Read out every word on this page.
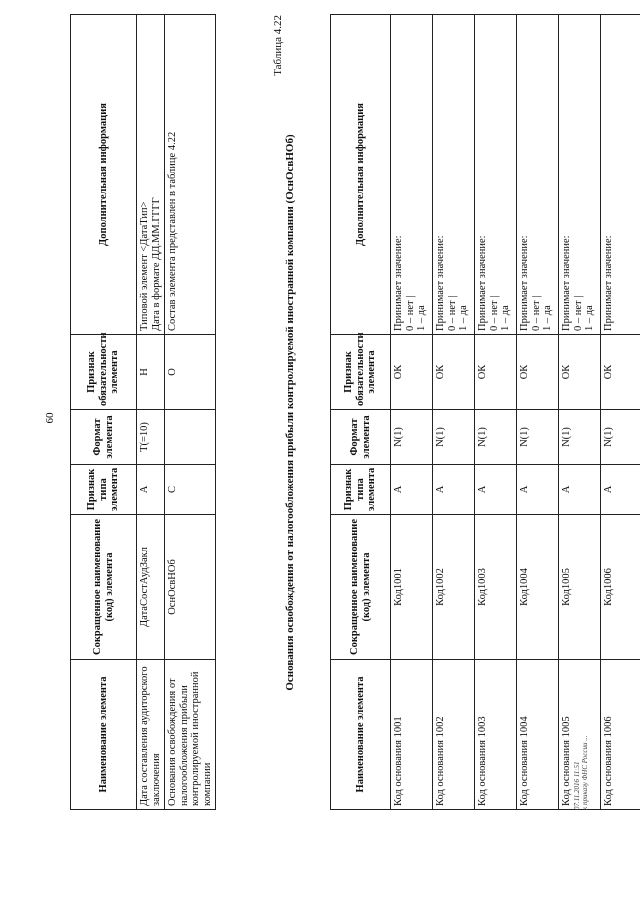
60
Наименование элемента	Сокращенное наименование (код) элемента	Признак типа элемента	Формат элемента	Признак обязательности элемента	Дополнительная информация
Дата составления аудиторского заключения	ДатаСостАудЗакл	А	T(=10)	Н	Типовой элемент <ДатаТип> Дата в формате ДД.ММ.ГГГГ

Основания освобождения от налогообложения прибыли контролируемой иностранной компании	ОснОсвНОб	С		О	Состав элемента представлен в таблице 4.22
Таблица 4.22
Основания освобождения от налогообложения прибыли контролируемой иностранной компании (ОснОсвНОб)
Наименование элемента	Сокращенное наименование (код) элемента	Признак типа элемента	Формат элемента	Признак обязательности элемента	Дополнительная информация
Код основания 1001	Код1001	А	N(1)	ОК	Принимает значение: 0 – нет | 1 – да

Код основания 1002	Код1002	А	N(1)	ОК	Принимает значение: 0 – нет | 1 – да

Код основания 1003	Код1003	А	N(1)	ОК	Принимает значение: 0 – нет | 1 – да

Код основания 1004	Код1004	А	N(1)	ОК	Принимает значение: 0 – нет | 1 – да

Код основания 1005	Код1005	А	N(1)	ОК	Принимает значение: 0 – нет | 1 – да

Код основания 1006	Код1006	А	N(1)	ОК	Принимает значение:
07.11.2016 11:51 к приказу ФНС России ...
